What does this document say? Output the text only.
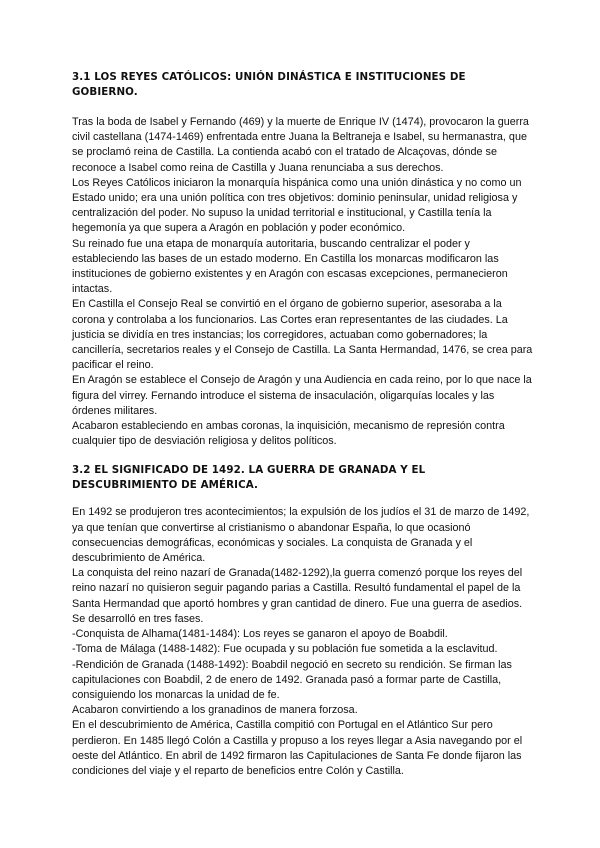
3.1 LOS REYES CATÓLICOS: UNIÓN DINÁSTICA E INSTITUCIONES DE GOBIERNO.

Tras la boda de Isabel y Fernando (469) y la muerte de Enrique IV (1474), provocaron la guerra civil castellana (1474-1469) enfrentada entre Juana la Beltraneja e Isabel, su hermanastra, que se proclamó reina de Castilla. La contienda acabó con el tratado de Alcaçovas, dónde se reconoce a Isabel como reina de Castilla y Juana renunciaba a sus derechos.

Los Reyes Católicos iniciaron la monarquía hispánica como una unión dinástica y no como un Estado unido; era una unión política con tres objetivos: dominio peninsular, unidad religiosa y centralización del poder. No supuso la unidad territorial e institucional, y Castilla tenía la hegemonía ya que supera a Aragón en población y poder económico.

Su reinado fue una etapa de monarquía autoritaria, buscando centralizar el poder y estableciendo las bases de un estado moderno. En Castilla los monarcas modificaron las instituciones de gobierno existentes y en Aragón con escasas excepciones, permanecieron intactas.

En Castilla el Consejo Real se convirtió en el órgano de gobierno superior, asesoraba a la corona y controlaba a los funcionarios. Las Cortes eran representantes de las ciudades. La justicia se dividía en tres instancias; los corregidores, actuaban como gobernadores; la cancillería, secretarios reales y el Consejo de Castilla. La Santa Hermandad, 1476, se crea para pacificar el reino.

En Aragón se establece el Consejo de Aragón y una Audiencia en cada reino, por lo que nace la figura del virrey. Fernando introduce el sistema de insaculación, oligarquías locales y las órdenes militares.

Acabaron estableciendo en ambas coronas, la inquisición, mecanismo de represión contra cualquier tipo de desviación religiosa y delitos políticos.

3.2 EL SIGNIFICADO DE 1492. LA GUERRA DE GRANADA Y EL DESCUBRIMIENTO DE AMÉRICA.

En 1492 se produjeron tres acontecimientos; la expulsión de los judíos el 31 de marzo de 1492, ya que tenían que convertirse al cristianismo o abandonar España, lo que ocasionó consecuencias demográficas, económicas y sociales. La conquista de Granada y el descubrimiento de América.

La conquista del reino nazarí de Granada(1482-1292),la guerra comenzó porque los reyes del reino nazarí no quisieron seguir pagando parias a Castilla. Resultó fundamental el papel de la Santa Hermandad que aportó hombres y gran cantidad de dinero. Fue una guerra de asedios. Se desarrolló en tres fases.

-Conquista de Alhama(1481-1484): Los reyes se ganaron el apoyo de Boabdil.

-Toma de Málaga (1488-1482): Fue ocupada y su población fue sometida a la esclavitud.

-Rendición de Granada (1488-1492): Boabdil negoció en secreto su rendición. Se firman las capitulaciones con Boabdil, 2 de enero de 1492. Granada pasó a formar parte de Castilla, consiguiendo los monarcas la unidad de fe.

Acabaron convirtiendo a los granadinos de manera forzosa.

En el descubrimiento de América, Castilla compitió con Portugal en el Atlántico Sur pero perdieron. En 1485 llegó Colón a Castilla y propuso a los reyes llegar a Asia navegando por el oeste del Atlántico. En abril de 1492 firmaron las Capitulaciones de Santa Fe donde fijaron las condiciones del viaje y el reparto de beneficios entre Colón y Castilla.
